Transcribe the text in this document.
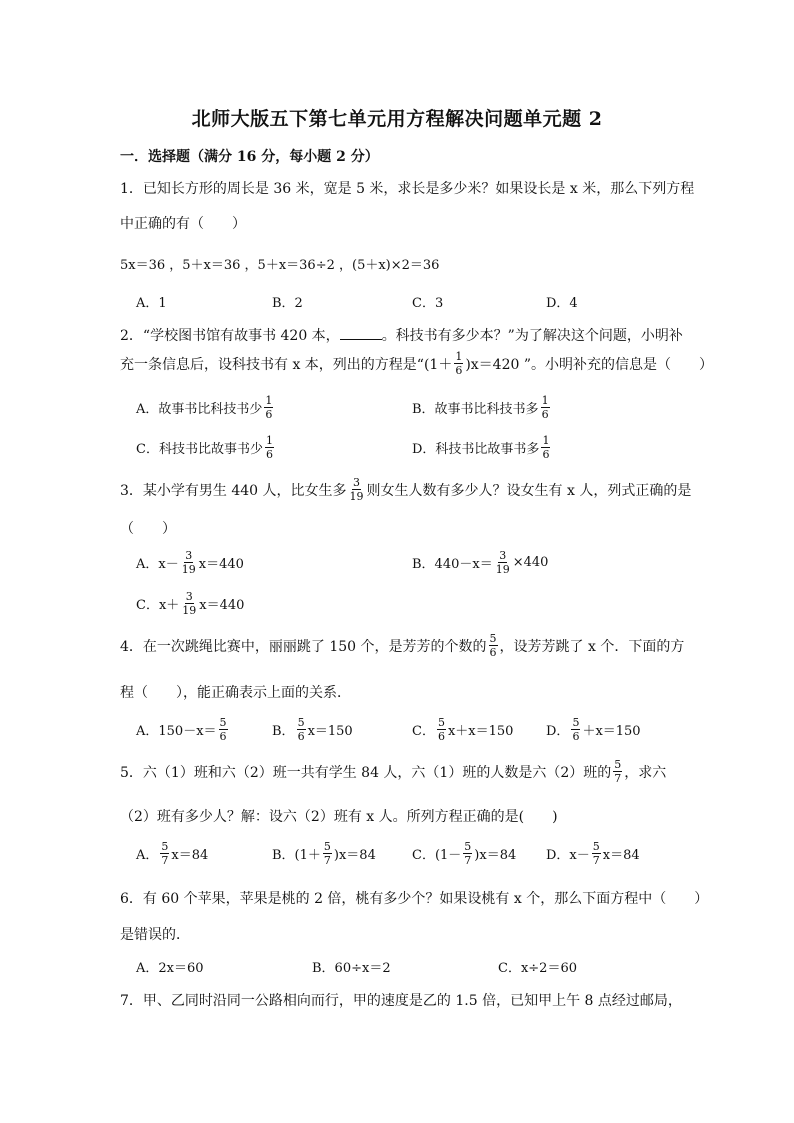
北师大版五下第七单元用方程解决问题单元题 2
一．选择题（满分 16 分，每小题 2 分）
1．已知长方形的周长是 36 米，宽是 5 米，求长是多少米？如果设长是 x 米，那么下列方程
中正确的有（　　）
5x＝36 ，5＋x＝36 ，5＋x＝36÷2 ，(5＋x)×2＝36
A．1	B．2	C．3	D．4
2．“学校图书馆有故事书 420 本，	。科技书有多少本？”为了解决这个问题，小明补
充一条信息后，设科技书有 x 本，列出的方程是“$(1+ \frac{1}{6} )x=420$ ”。小明补充的信息是（　　）
A．故事书比科技书少 $\frac{1}{6}$	B．故事书比科技书多 $\frac{1}{6}$
C．科技书比故事书少 $\frac{1}{6}$	D．科技书比故事书多 $\frac{1}{6}$
3．某小学有男生 440 人，比女生多 $\frac{3}{19}$ 则女生人数有多少人？设女生有 x 人，列式正确的是
（　　）
A．$x- \frac{3}{19} x=440$	B．$440-x= \frac{3}{19} \times 440$
C．$x+ \frac{3}{19} x=440$
4．在一次跳绳比赛中，丽丽跳了 150 个，是芳芳的个数的 $\frac{5}{6}$ ，设芳芳跳了 x 个．下面的方
程（　　），能正确表示上面的关系．
A．$150-x= \frac{5}{6}$	B． $\frac{5}{6} x=150$	C． $\frac{5}{6} x+x=150$	D． $\frac{5}{6} +x=150$
5．六（1）班和六（2）班一共有学生 84 人，六（1）班的人数是六（2）班的 $\frac{5}{7}$ ，求六
（2）班有多少人？解：设六（2）班有 x 人。所列方程正确的是(　　)
A． $\frac{5}{7} x=84$	B．$(1+ \frac{5}{7} )x=84$	C．$(1- \frac{5}{7} )x=84$ D．$x- \frac{5}{7} x=84$
6．有 60 个苹果，苹果是桃的 2 倍，桃有多少个？如果设桃有 x 个，那么下面方程中（　　）
是错误的．
A．2x＝60	B．60÷x＝2	C．x÷2＝60
7．甲、乙同时沿同一公路相向而行，甲的速度是乙的 1.5 倍，已知甲上午 8 点经过邮局，
